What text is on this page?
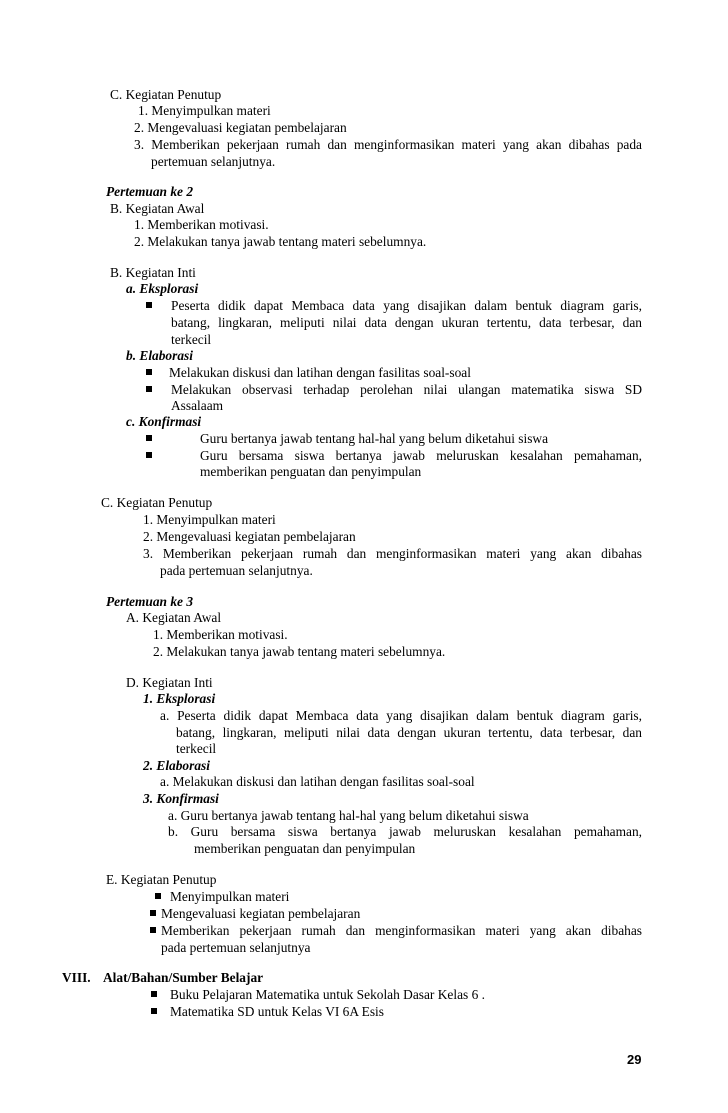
C. Kegiatan Penutup
1. Menyimpulkan materi
2. Mengevaluasi kegiatan pembelajaran
3. Memberikan pekerjaan rumah dan menginformasikan materi yang akan dibahas pada
pertemuan selanjutnya.
Pertemuan ke 2
B. Kegiatan Awal
1. Memberikan motivasi.
2. Melakukan tanya jawab tentang materi sebelumnya.
B. Kegiatan Inti
a. Eksplorasi
Peserta didik dapat Membaca data yang disajikan dalam bentuk diagram garis,
batang, lingkaran, meliputi nilai data dengan ukuran tertentu, data terbesar, dan
terkecil
b. Elaborasi
Melakukan diskusi dan latihan dengan fasilitas soal-soal
Melakukan observasi terhadap perolehan nilai ulangan matematika siswa SD
Assalaam
c. Konfirmasi
Guru bertanya jawab tentang hal-hal yang belum diketahui siswa
Guru bersama siswa bertanya jawab meluruskan kesalahan pemahaman,
memberikan penguatan dan penyimpulan
C. Kegiatan Penutup
1. Menyimpulkan materi
2. Mengevaluasi kegiatan pembelajaran
3. Memberikan pekerjaan rumah dan menginformasikan materi yang akan dibahas
pada pertemuan selanjutnya.
Pertemuan ke 3
A. Kegiatan Awal
1. Memberikan motivasi.
2. Melakukan tanya jawab tentang materi sebelumnya.
D. Kegiatan Inti
1. Eksplorasi
a. Peserta didik dapat Membaca data yang disajikan dalam bentuk diagram garis,
batang, lingkaran, meliputi nilai data dengan ukuran tertentu, data terbesar, dan
terkecil
2. Elaborasi
a. Melakukan diskusi dan latihan dengan fasilitas soal-soal
3. Konfirmasi
a. Guru bertanya jawab tentang hal-hal yang belum diketahui siswa
b. Guru bersama siswa bertanya jawab meluruskan kesalahan pemahaman,
memberikan penguatan dan penyimpulan
E. Kegiatan Penutup
Menyimpulkan materi
Mengevaluasi kegiatan pembelajaran
Memberikan pekerjaan rumah dan menginformasikan materi yang akan dibahas
pada pertemuan selanjutnya
VIII. Alat/Bahan/Sumber Belajar
Buku Pelajaran Matematika untuk Sekolah Dasar Kelas 6 .
Matematika SD untuk Kelas VI 6A Esis
29
